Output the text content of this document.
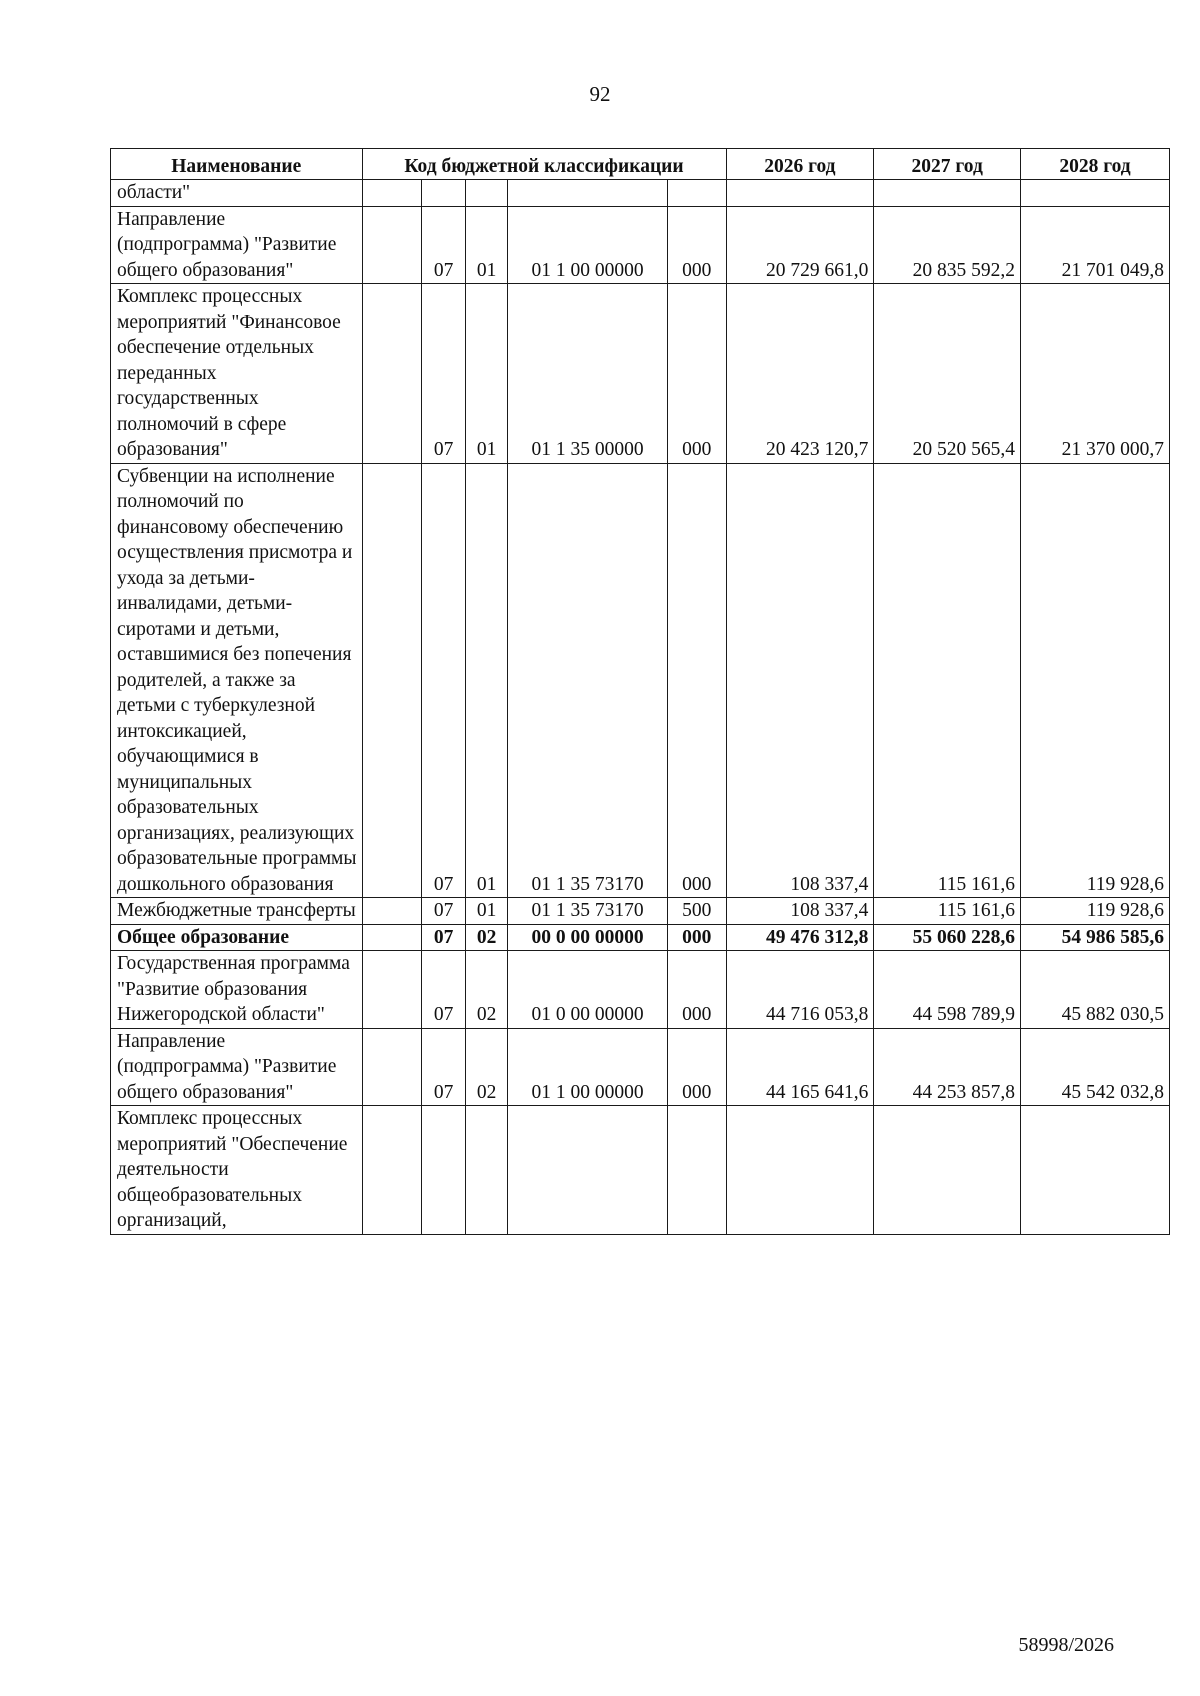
92
Наименование	Код бюджетной классификации					2026 год	2027 год	2028 год
области"								
Направление (подпрограмма) "Развитие общего образования"		07	01	01 1 00 00000	000	20 729 661,0	20 835 592,2	21 701 049,8
Комплекс процессных мероприятий "Финансовое обеспечение отдельных переданных государственных полномочий в сфере образования"		07	01	01 1 35 00000	000	20 423 120,7	20 520 565,4	21 370 000,7
Субвенции на исполнение полномочий по финансовому обеспечению осуществления присмотра и ухода за детьми-инвалидами, детьми-сиротами и детьми, оставшимися без попечения родителей, а также за детьми с туберкулезной интоксикацией, обучающимися в муниципальных образовательных организациях, реализующих образовательные программы дошкольного образования		07	01	01 1 35 73170	000	108 337,4	115 161,6	119 928,6
Межбюджетные трансферты		07	01	01 1 35 73170	500	108 337,4	115 161,6	119 928,6
Общее образование		07	02	00 0 00 00000	000	49 476 312,8	55 060 228,6	54 986 585,6
Государственная программа "Развитие образования Нижегородской области"		07	02	01 0 00 00000	000	44 716 053,8	44 598 789,9	45 882 030,5
Направление (подпрограмма) "Развитие общего образования"		07	02	01 1 00 00000	000	44 165 641,6	44 253 857,8	45 542 032,8
Комплекс процессных мероприятий "Обеспечение деятельности общеобразовательных организаций,								
58998/2026
